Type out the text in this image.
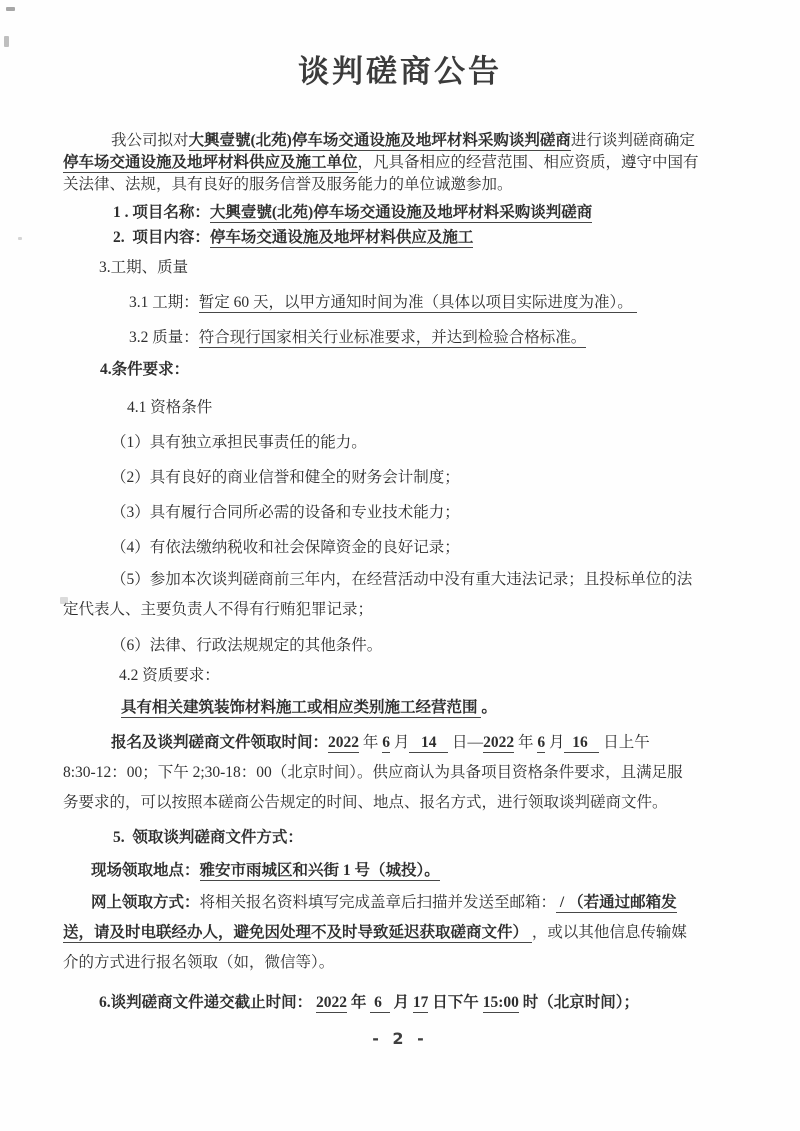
谈判磋商公告
我公司拟对大興壹號(北苑)停车场交通设施及地坪材料采购谈判磋商进行谈判磋商确定
停车场交通设施及地坪材料供应及施工单位，凡具备相应的经营范围、相应资质，遵守中国有
关法律、法规，具有良好的服务信誉及服务能力的单位诚邀参加。
1 . 项目名称：大興壹號(北苑)停车场交通设施及地坪材料采购谈判磋商
2.  项目内容：停车场交通设施及地坪材料供应及施工
3.工期、质量
3.1 工期：暂定 60 天，以甲方通知时间为准（具体以项目实际进度为准）。
3.2 质量：符合现行国家相关行业标准要求，并达到检验合格标准。
4.条件要求：
4.1 资格条件
（1）具有独立承担民事责任的能力。
（2）具有良好的商业信誉和健全的财务会计制度；
（3）具有履行合同所必需的设备和专业技术能力；
（4）有依法缴纳税收和社会保障资金的良好记录；
（5）参加本次谈判磋商前三年内，在经营活动中没有重大违法记录；且投标单位的法
定代表人、主要负责人不得有行贿犯罪记录；
（6）法律、行政法规规定的其他条件。
4.2 资质要求：
具有相关建筑装饰材料施工或相应类别施工经营范围 。
报名及谈判磋商文件领取时间：2022 年 6 月   14    日—2022 年 6 月  16    日上午
8:30-12：00；下午 2;30-18：00（北京时间）。供应商认为具备项目资格条件要求，且满足服
务要求的，可以按照本磋商公告规定的时间、地点、报名方式，进行领取谈判磋商文件。
5.  领取谈判磋商文件方式：
现场领取地点：雅安市雨城区和兴街 1 号（城投）。
网上领取方式：将相关报名资料填写完成盖章后扫描并发送至邮箱： / （若通过邮箱发
送，请及时电联经办人，避免因处理不及时导致延迟获取磋商文件） ，或以其他信息传输媒
介的方式进行报名领取（如，微信等）。
6.谈判磋商文件递交截止时间： 2022 年  6   月 17 日下午 15:00 时（北京时间）；
- 2 -
